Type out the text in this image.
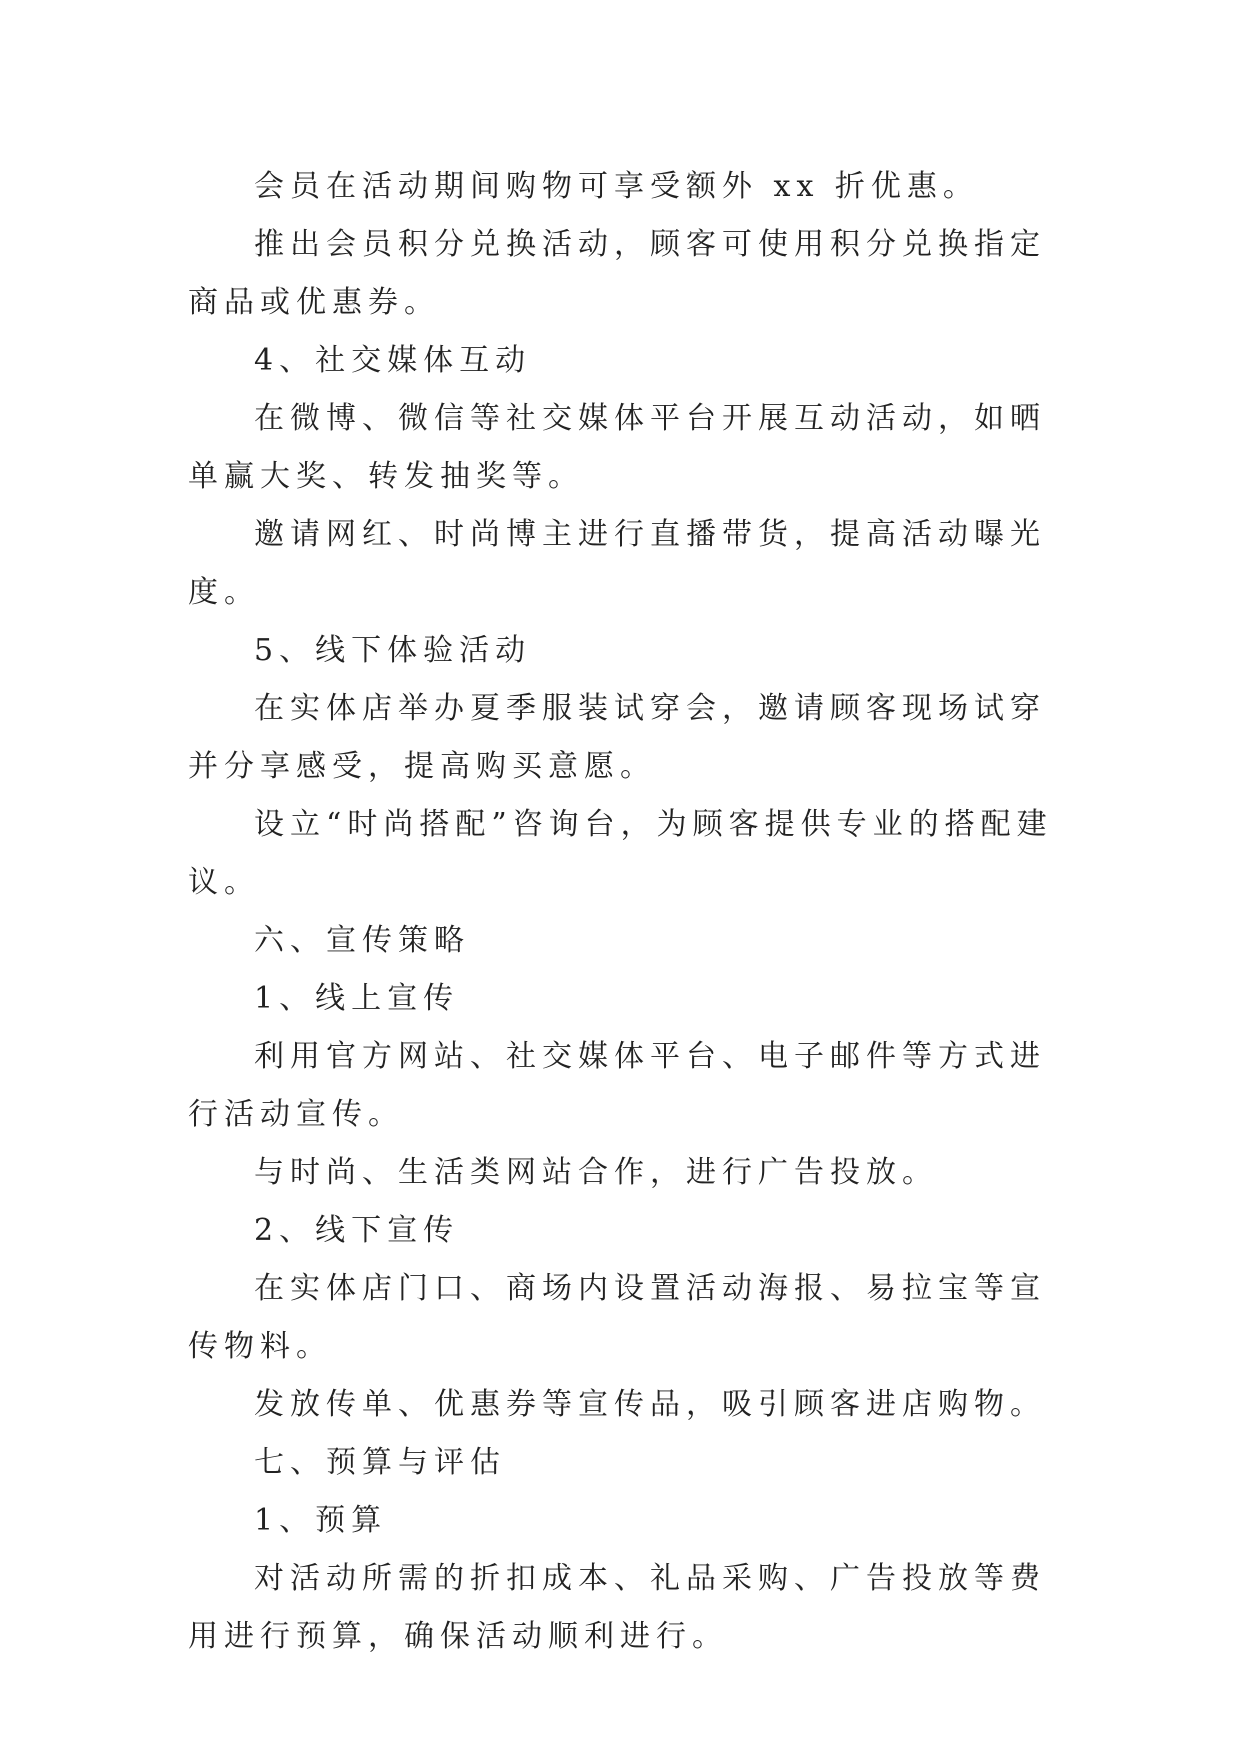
会员在活动期间购物可享受额外 xx 折优惠。

推出会员积分兑换活动，顾客可使用积分兑换指定商品或优惠券。

4、社交媒体互动

在微博、微信等社交媒体平台开展互动活动，如晒单赢大奖、转发抽奖等。

邀请网红、时尚博主进行直播带货，提高活动曝光度。

5、线下体验活动

在实体店举办夏季服装试穿会，邀请顾客现场试穿并分享感受，提高购买意愿。

设立“时尚搭配”咨询台，为顾客提供专业的搭配建议。

六、宣传策略

1、线上宣传

利用官方网站、社交媒体平台、电子邮件等方式进行活动宣传。

与时尚、生活类网站合作，进行广告投放。

2、线下宣传

在实体店门口、商场内设置活动海报、易拉宝等宣传物料。

发放传单、优惠券等宣传品，吸引顾客进店购物。

七、预算与评估

1、预算

对活动所需的折扣成本、礼品采购、广告投放等费用进行预算，确保活动顺利进行。
